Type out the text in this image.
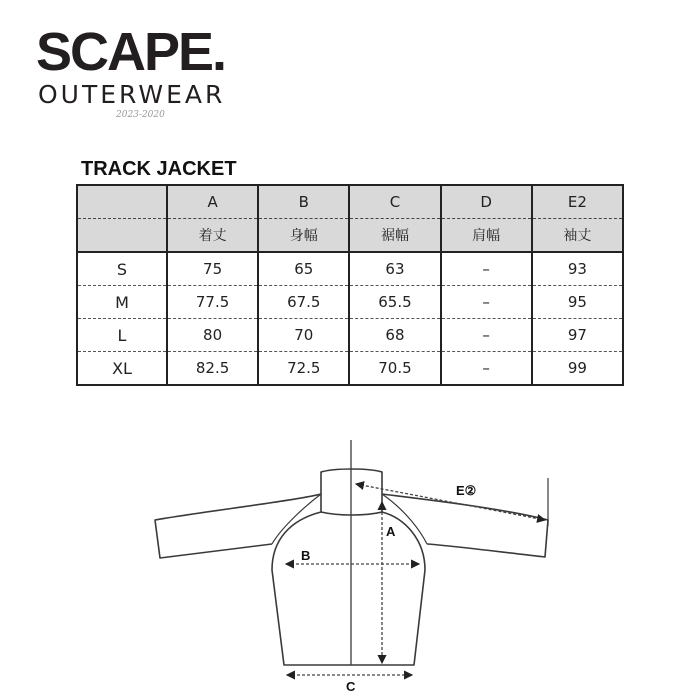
SCAPE.
OUTERWEAR
2023-2020
TRACK JACKET
	A	B	C	D	E2
	着丈	身幅	裾幅	肩幅	袖丈
S	75	65	63	–	93
M	77.5	67.5	65.5	–	95
L	80	70	68	–	97
XL	82.5	72.5	70.5	–	99
A
B
C
E②
